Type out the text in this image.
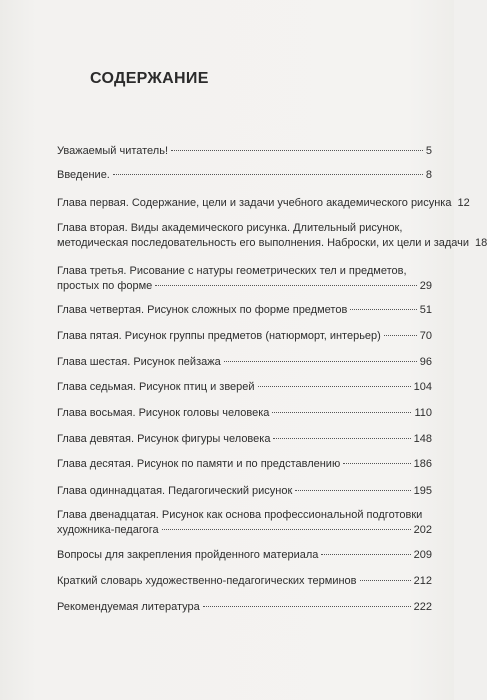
СОДЕРЖАНИЕ
Уважаемый читатель!	5
Введение.	8
Глава первая. Содержание, цели и задачи учебного академического рисунка 12
Глава вторая. Виды академического рисунка. Длительный рисунок,
методическая последовательность его выполнения. Наброски, их цели и задачи 18
Глава третья. Рисование с натуры геометрических тел и предметов,
простых по форме	29
Глава четвертая. Рисунок сложных по форме предметов	51
Глава пятая. Рисунок группы предметов (натюрморт, интерьер)	70
Глава шестая. Рисунок пейзажа	96
Глава седьмая. Рисунок птиц и зверей	104
Глава восьмая. Рисунок головы человека	110
Глава девятая. Рисунок фигуры человека	148
Глава десятая. Рисунок по памяти и по представлению	186
Глава одиннадцатая. Педагогический рисунок	195
Глава двенадцатая. Рисунок как основа профессиональной подготовки
художника-педагога	202
Вопросы для закрепления пройденного материала	209
Краткий словарь художественно-педагогических терминов	212
Рекомендуемая литература	222
